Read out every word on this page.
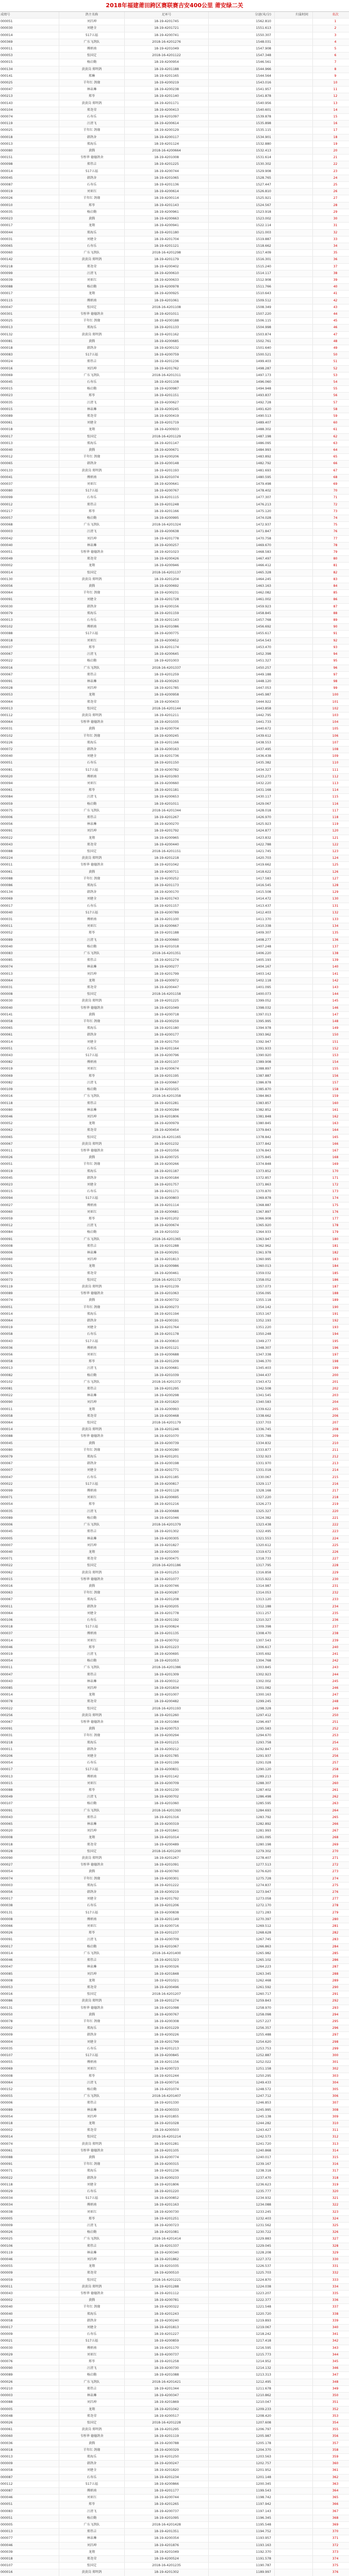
2018年福建莆田跨区赛联赛吉安400公里 莆安绿二关
成绩号	鸽主名称	足环号	分速(米/分)	归巢时间	名次
000051	刘昌坤	18-19-4201745	1562.810		1
000030	刘建全	18-19-4201721	1551.613		2
000014	517五福	18-19-4200741	1550.307		3
000369	广东飞鸽队	2018-16-4201276	1548.031		4
000011	傅炳南	18-19-4201049	1547.908		5
000053	张国定	2018-16-4201122	1547.348		6
000015	杨启勤	18-19-4200954	1546.561		7
000134	黄黄岗 郑明鸽	18-19-4201188	1544.966		8
000141	郑琳	18-19-4201165	1544.564		9
000025	羊年红 鸽缘	18-19-4200219	1543.016		10
000047	林泉琳	18-19-4200238	1541.957		11
000213	郑苓	18-19-4201140	1541.878		12
000143	黄黄岗 郑明鸽	18-19-4201171	1540.956		13
000104	郑尧荣	18-19-4200413	1540.601		14
000074	石寿乐	18-19-4201097	1539.878		15
000119	汪清飞	18-19-4200614	1535.898		16
000025	羊年红 鸽缘	18-19-4200129	1535.115		17
000018	韩鸽舍	18-19-4200117	1534.901		18
000013	郑海乐	18-19-4201124	1532.880		19
000080	黄腾	2018-16-4200664	1532.413		20
000151	韦彤华 德德鸽舍	18-19-4201008	1531.614		21
000098	郑伟吉	18-19-4201225	1530.302		22
000014	517五福	18-19-4200744	1529.908		23
000045	韩鸽舍	18-19-4201065	1528.765		24
000087	石寿乐	18-19-4201136	1527.447		25
000019	刘亚红	18-19-4200614	1526.810		26
000026	羊年红 鸽缘	18-19-4200114	1525.921		27
000010	郑苓	18-19-4201143	1524.567		28
000035	杨启勤	18-19-4200961	1523.918		29
000023	黄腾	18-19-4200663	1523.002		30
000017	龙翔	18-19-4200941	1522.114		31
000044	郑海乐	18-19-4201180	1521.003		32
000031	刘建全	18-19-4201704	1519.887		33
000065	石寿乐	18-19-4201121	1518.662		34
000060	广东飞鸽队	2018-16-4201298	1517.409		35
000142	黄黄岗 郑明鸽	18-19-4201179	1516.301		36
000218	郑尧荣	18-19-4200402	1515.240		37
000099	汪清飞	18-19-4200610	1514.117		38
000039	刘亚红	18-19-4200633	1512.908		39
000088	杨启勤	18-19-4200978	1511.766		40
000017	龙翔	18-19-4200925	1510.643		41
000115	傅炳南	18-19-4201061	1509.512		42
000047	张国定	2018-16-4201108	1508.349		43
000301	韦彤华 德德鸽舍	18-19-4201011	1507.220		44
000025	羊年红 鸽缘	18-19-4200188	1506.115		45
000013	郑海乐	18-19-4201133	1504.998		46
000132	黄黄岗 郑明鸽	18-19-4201162	1503.874		47
000081	黄腾	18-19-4200685	1502.761		48
000018	韩鸽舍	18-19-4200132	1501.640		49
000083	517五福	18-19-4200759	1500.521		50
000024	郑伟吉	18-19-4201236	1499.403		51
000016	刘昌坤	18-19-4201762	1498.287		52
000069	广东飞鸽队	2018-16-4201311	1497.173		53
000045	石寿乐	18-19-4201108	1496.060		54
000015	杨启勤	18-19-4200987	1494.948		55
000023	郑苓	18-19-4201151	1493.837		56
000035	汪清飞	18-19-4200627	1492.728		57
000015	林泉琳	18-19-4200245	1491.620		58
000089	郑尧荣	18-19-4200419	1490.513		59
000061	刘建全	18-19-4201719	1489.407		60
000018	龙翔	18-19-4200933	1488.302		61
000017	张国定	2018-16-4201129	1487.198		62
000013	郑海乐	18-19-4201147	1486.095		63
000040	黄腾	18-19-4200671	1484.993		64
000012	羊年红 鸽缘	18-19-4200206	1483.892		65
000065	韩鸽舍	18-19-4200148	1482.792		66
000133	黄黄岗 郑明鸽	18-19-4201193	1481.693		67
000041	傅炳南	18-19-4201074	1480.595		68
000037	刘亚红	18-19-4200641	1479.498		69
000080	517五福	18-19-4200767	1478.402		70
000099	石寿乐	18-19-4201115	1477.307		71
000012	郑伟吉	18-19-4201248	1476.213		72
000217	郑苓	18-19-4201166	1475.120		73
000057	杨启勤	18-19-4200995	1474.028		74
000068	广东飞鸽队	2018-16-4201324	1472.937		75
000003	汪清飞	18-19-4200638	1471.847		76
000042	刘昌坤	18-19-4201778	1470.758		77
000040	林泉琳	18-19-4200257	1469.670		78
000051	韦彤华 德德鸽舍	18-19-4201023	1468.583		79
000049	郑尧荣	18-19-4200426	1467.497		80
000002	龙翔	18-19-4200946	1466.412		81
000014	张国定	2018-16-4201137	1465.328		82
000130	黄黄岗 郑明鸽	18-19-4201204	1464.245		83
000056	黄腾	18-19-4200692	1463.163		84
000064	羊年红 鸽缘	18-19-4200231	1462.082		85
000091	刘建全	18-19-4201728	1461.002		86
000030	韩鸽舍	18-19-4200156	1459.923		87
000079	郑海乐	18-19-4201159	1458.845		88
000013	石寿乐	18-19-4201143	1457.768		89
000102	傅炳南	18-19-4201086	1456.692		90
000088	517五福	18-19-4200775	1455.617		91
000018	刘亚红	18-19-4200652	1454.543		92
000037	郑苓	18-19-4201174	1453.470		93
000067	汪清飞	18-19-4200645	1452.398		94
000022	杨启勤	18-19-4201003	1451.327		95
000016	广东飞鸽队	2018-16-4201337	1450.257		96
000067	郑伟吉	18-19-4201259	1449.188		97
000091	林泉琳	18-19-4200263	1448.120		98
000028	刘昌坤	18-19-4201785	1447.053		99
000053	龙翔	18-19-4200958	1445.987		100
000064	郑尧荣	18-19-4200433	1444.922		101
000013	张国定	2018-16-4201144	1443.858		102
000112	黄黄岗 郑明鸽	18-19-4201211	1442.795		103
000064	韦彤华 德德鸽舍	18-19-4201035	1441.733		104
000031	黄腾	18-19-4200704	1440.672		105
000102	羊年红 鸽缘	18-19-4200245	1439.612		106
000226	郑海乐	18-19-4201166	1438.553		107
000072	韩鸽舍	18-19-4200163	1437.495		108
000040	刘建全	18-19-4201736	1436.438		109
000051	石寿乐	18-19-4201150	1435.382		110
000081	517五福	18-19-4200782	1434.327		111
000020	傅炳南	18-19-4201093	1433.273		112
000094	刘亚红	18-19-4200660	1432.220		113
000061	郑苓	18-19-4201181	1431.168		114
000084	汪清飞	18-19-4200653	1430.117		115
000059	杨启勤	18-19-4201011	1429.067		116
000075	广东飞鸽队	2018-16-4201344	1428.018		117
000006	郑伟吉	18-19-4201267	1426.970		118
000056	林泉琳	18-19-4200270	1425.923		119
000091	刘昌坤	18-19-4201792	1424.877		120
000022	龙翔	18-19-4200965	1423.832		121
000043	郑尧荣	18-19-4200440	1422.788		122
000088	张国定	2018-16-4201151	1421.745		123
000224	黄黄岗 郑明鸽	18-19-4201218	1420.703		124
000011	韦彤华 德德鸽舍	18-19-4201042	1419.662		125
000061	黄腾	18-19-4200711	1418.622		126
000088	羊年红 鸽缘	18-19-4200252	1417.583		127
000086	郑海乐	18-19-4201173	1416.545		128
000134	韩鸽舍	18-19-4200170	1415.508		129
000069	刘建全	18-19-4201743	1414.472		130
000017	石寿乐	18-19-4201157	1413.437		131
000040	517五福	18-19-4200789	1412.403		132
000031	傅炳南	18-19-4201100	1411.370		133
000011	刘亚红	18-19-4200667	1410.338		134
000052	郑苓	18-19-4201188	1409.307		135
000089	汪清飞	18-19-4200660	1408.277		136
000040	杨启勤	18-19-4201018	1407.248		137
000083	广东飞鸽队	2018-16-4201351	1406.220		138
000085	郑伟吉	18-19-4201274	1405.193		139
000074	林泉琳	18-19-4200277	1404.167		140
000013	刘昌坤	18-19-4201799	1403.142		141
000064	龙翔	18-19-4200972	1402.118		142
000031	郑尧荣	18-19-4200447	1401.095		143
000008	张国定	2018-16-4201158	1400.073		144
000030	黄黄岗 郑明鸽	18-19-4201225	1399.052		145
000040	韦彤华 德德鸽舍	18-19-4201049	1398.032		146
000141	黄腾	18-19-4200718	1397.013		147
000058	羊年红 鸽缘	18-19-4200259	1395.995		148
000065	郑海乐	18-19-4201180	1394.978		149
000061	韩鸽舍	18-19-4200177	1393.962		150
000014	刘建全	18-19-4201750	1392.947		151
000051	石寿乐	18-19-4201164	1391.933		152
000043	517五福	18-19-4200796	1390.920		153
000082	傅炳南	18-19-4201107	1389.908		154
000019	刘亚红	18-19-4200674	1388.897		155
000069	郑苓	18-19-4201195	1387.887		156
000082	汪清飞	18-19-4200667	1386.878		157
000109	杨启勤	18-19-4201025	1385.870		158
000016	广东飞鸽队	2018-16-4201358	1384.863		159
000118	郑伟吉	18-19-4201281	1383.857		160
000080	林泉琳	18-19-4200284	1382.852		161
000046	刘昌坤	18-19-4201806	1381.848		162
000052	龙翔	18-19-4200979	1380.845		163
000062	郑尧荣	18-19-4200454	1379.843		164
000065	张国定	2018-16-4201165	1378.842		165
000067	黄黄岗 郑明鸽	18-19-4201232	1377.842		166
000011	韦彤华 德德鸽舍	18-19-4201056	1376.843		167
000026	黄腾	18-19-4200725	1375.845		168
000051	羊年红 鸽缘	18-19-4200266	1374.848		169
000019	郑海乐	18-19-4201187	1373.852		170
000045	韩鸽舍	18-19-4200184	1372.857		171
000023	刘建全	18-19-4201757	1371.863		172
000015	石寿乐	18-19-4201171	1370.870		173
000094	517五福	18-19-4200803	1369.878		174
000027	傅炳南	18-19-4201114	1368.887		175
000060	刘亚红	18-19-4200681	1367.897		176
000059	郑苓	18-19-4201202	1366.908		177
000012	汪清飞	18-19-4200674	1365.920		178
000084	杨启勤	18-19-4201032	1364.933		179
000091	广东飞鸽队	2018-16-4201365	1363.947		180
000008	郑伟吉	18-19-4201288	1362.962		181
000006	林泉琳	18-19-4200291	1361.978		182
000060	刘昌坤	18-19-4201813	1360.995		183
000001	龙翔	18-19-4200986	1360.013		184
000079	郑尧荣	18-19-4200461	1359.032		185
000073	张国定	2018-16-4201172	1358.052		186
000119	黄黄岗 郑明鸽	18-19-4201239	1357.073		187
000089	韦彤华 德德鸽舍	18-19-4201063	1356.095		188
000074	黄腾	18-19-4200732	1355.118		189
000051	羊年红 鸽缘	18-19-4200273	1354.142		190
000014	郑海乐	18-19-4201194	1353.167		191
000064	韩鸽舍	18-19-4200191	1352.193		192
000019	刘建全	18-19-4201764	1351.220		193
000058	石寿乐	18-19-4201178	1350.248		194
000043	517五福	18-19-4200810	1349.277		195
000036	傅炳南	18-19-4201121	1348.307		196
000056	刘亚红	18-19-4200688	1347.338		197
000058	郑苓	18-19-4201209	1346.370		198
000013	汪清飞	18-19-4200681	1345.403		199
000082	杨启勤	18-19-4201039	1344.437		200
000102	广东飞鸽队	2018-16-4201372	1343.472		201
000081	郑伟吉	18-19-4201295	1342.508		202
000022	林泉琳	18-19-4200298	1341.545		203
000090	刘昌坤	18-19-4201820	1340.583		204
000011	龙翔	18-19-4200993	1339.622		205
000058	郑尧荣	18-19-4200468	1338.662		206
000064	张国定	2018-16-4201179	1337.703		207
000014	黄黄岗 郑明鸽	18-19-4201246	1336.745		208
000088	韦彤华 德德鸽舍	18-19-4201070	1335.788		209
000045	黄腾	18-19-4200739	1334.832		210
000080	羊年红 鸽缘	18-19-4200280	1333.877		211
000079	郑海乐	18-19-4201201	1332.923		212
000067	韩鸽舍	18-19-4200198	1331.970		213
000007	刘建全	18-19-4201771	1331.018		214
000047	石寿乐	18-19-4201185	1330.067		215
000022	517五福	18-19-4200817	1329.117		216
000099	傅炳南	18-19-4201128	1328.168		217
000071	刘亚红	18-19-4200695	1327.220		218
000054	郑苓	18-19-4201216	1326.273		219
000035	汪清飞	18-19-4200688	1325.327		220
000089	杨启勤	18-19-4201046	1324.382		221
000006	广东飞鸽队	2018-16-4201379	1323.438		222
000045	郑伟吉	18-19-4201302	1322.495		223
000005	林泉琳	18-19-4200305	1321.553		224
000007	刘昌坤	18-19-4201827	1320.612		225
000040	龙翔	18-19-4201000	1319.672		226
000071	郑尧荣	18-19-4200475	1318.733		227
000022	张国定	2018-16-4201186	1317.795		228
000062	黄黄岗 郑明鸽	18-19-4201253	1316.858		229
000015	韦彤华 德德鸽舍	18-19-4201077	1315.922		230
000016	黄腾	18-19-4200746	1314.987		231
000063	羊年红 鸽缘	18-19-4200287	1314.053		232
000067	郑海乐	18-19-4201208	1313.120		233
000011	韩鸽舍	18-19-4200205	1312.188		234
000064	刘建全	18-19-4201778	1311.257		235
000106	石寿乐	18-19-4201192	1310.327		236
000018	517五福	18-19-4200824	1309.398		237
000037	傅炳南	18-19-4201135	1308.470		238
000014	刘亚红	18-19-4200702	1307.543		239
000046	郑苓	18-19-4201223	1306.617		240
000019	汪清飞	18-19-4200695	1305.692		241
000054	杨启勤	18-19-4201053	1304.768		242
000011	广东飞鸽队	2018-16-4201386	1303.845		243
000047	郑伟吉	18-19-4201309	1302.923		244
000043	林泉琳	18-19-4200312	1302.002		245
000085	刘昌坤	18-19-4201834	1301.082		246
000014	龙翔	18-19-4201007	1300.163		247
000078	郑尧荣	18-19-4200482	1299.245		248
000022	张国定	2018-16-4201193	1298.328		249
000256	黄黄岗 郑明鸽	18-19-4201260	1297.412		250
000067	韦彤华 德德鸽舍	18-19-4201084	1296.497		251
000091	黄腾	18-19-4200753	1295.583		252
000031	羊年红 鸽缘	18-19-4200294	1294.670		253
000218	郑海乐	18-19-4201215	1293.758		254
000011	韩鸽舍	18-19-4200212	1292.847		255
000206	刘建全	18-19-4201785	1291.937		256
000054	石寿乐	18-19-4201199	1291.028		257
000017	517五福	18-19-4200831	1290.120		258
000013	傅炳南	18-19-4201142	1289.213		259
000015	刘亚红	18-19-4200709	1288.307		260
000088	郑苓	18-19-4201230	1287.402		261
000049	汪清飞	18-19-4200702	1286.498		262
000107	杨启勤	18-19-4201060	1285.595		263
000091	广东飞鸽队	2018-16-4201393	1284.693		264
000043	郑伟吉	18-19-4201316	1283.792		265
000065	林泉琳	18-19-4200319	1282.892		266
000020	刘昌坤	18-19-4201841	1281.993		267
000008	龙翔	18-19-4201014	1281.095		268
000018	郑尧荣	18-19-4200489	1280.198		269
000028	张国定	2018-16-4201200	1279.302		270
000090	黄黄岗 郑明鸽	18-19-4201267	1278.407		271
000027	韦彤华 德德鸽舍	18-19-4201091	1277.513		272
000054	黄腾	18-19-4200760	1276.620		273
000074	羊年红 鸽缘	18-19-4200301	1275.728		274
000003	郑海乐	18-19-4201222	1274.837		275
000056	韩鸽舍	18-19-4200219	1273.947		276
000017	刘建全	18-19-4201792	1273.058		277
000038	石寿乐	18-19-4201206	1272.170		278
000131	517五福	18-19-4200838	1271.283		279
000008	傅炳南	18-19-4201149	1270.397		280
000066	刘亚红	18-19-4200716	1269.512		281
000026	郑苓	18-19-4201237	1268.628		282
000091	汪清飞	18-19-4200709	1267.745		283
000017	杨启勤	18-19-4201067	1266.863		284
000014	广东飞鸽队	2018-16-4201400	1265.982		285
000046	郑伟吉	18-19-4201323	1265.102		286
000047	林泉琳	18-19-4200326	1264.223		287
000085	刘昌坤	18-19-4201848	1263.345		288
000008	龙翔	18-19-4201021	1262.468		289
000053	郑尧荣	18-19-4200496	1261.592		290
000016	张国定	2018-16-4201207	1260.717		291
000086	黄黄岗 郑明鸽	18-19-4201274	1259.843		292
000131	韦彤华 德德鸽舍	18-19-4201098	1258.970		293
000050	黄腾	18-19-4200767	1258.098		294
000078	羊年红 鸽缘	18-19-4200308	1257.227		295
000002	郑海乐	18-19-4201229	1256.357		296
000009	韩鸽舍	18-19-4200226	1255.488		297
000004	刘建全	18-19-4201799	1254.620		298
000035	石寿乐	18-19-4201213	1253.753		299
000107	517五福	18-19-4200845	1252.887		300
000055	傅炳南	18-19-4201156	1252.022		301
000069	刘亚红	18-19-4200723	1251.158		302
000008	郑苓	18-19-4201244	1250.295		303
000064	汪清飞	18-19-4200716	1249.433		304
000152	杨启勤	18-19-4201074	1248.572		305
000055	广东飞鸽队	2018-16-4201407	1247.712		306
000006	郑伟吉	18-19-4201330	1246.853		307
000089	林泉琳	18-19-4200333	1245.995		308
000054	刘昌坤	18-19-4201855	1245.138		309
000018	龙翔	18-19-4201028	1244.282		310
000002	郑尧荣	18-19-4200503	1243.427		311
000014	张国定	2018-16-4201214	1242.573		312
000074	黄黄岗 郑明鸽	18-19-4201281	1241.720		313
000061	韦彤华 德德鸽舍	18-19-4201105	1240.868		314
000088	黄腾	18-19-4200774	1240.017		315
000091	羊年红 鸽缘	18-19-4200315	1239.167		316
000071	郑海乐	18-19-4201236	1238.318		317
000022	韩鸽舍	18-19-4200233	1237.470		318
000118	刘建全	18-19-4201806	1236.623		319
000029	石寿乐	18-19-4201220	1235.777		320
000034	517五福	18-19-4200852	1234.932		321
000034	傅炳南	18-19-4201163	1234.088		322
000038	刘亚红	18-19-4200730	1233.245		323
000005	郑苓	18-19-4201251	1232.403		324
000009	汪清飞	18-19-4200723	1231.562		325
000026	杨启勤	18-19-4201081	1230.722		326
000025	广东飞鸽队	2018-16-4201414	1229.883		327
000106	郑伟吉	18-19-4201337	1229.045		328
000119	林泉琳	18-19-4200340	1228.208		329
000046	刘昌坤	18-19-4201862	1227.372		330
000055	龙翔	18-19-4201035	1226.537		331
000009	郑尧荣	18-19-4200510	1225.703		332
000059	张国定	2018-16-4201221	1224.870		333
000011	黄黄岗 郑明鸽	18-19-4201288	1224.038		334
000043	韦彤华 德德鸽舍	18-19-4201112	1223.207		335
000002	黄腾	18-19-4200781	1222.377		336
000040	羊年红 鸽缘	18-19-4200322	1221.548		337
000040	郑海乐	18-19-4201243	1220.720		338
000058	韩鸽舍	18-19-4200240	1219.893		339
000017	刘建全	18-19-4201813	1219.067		340
000009	石寿乐	18-19-4201227	1218.242		341
000021	517五福	18-19-4200859	1217.418		342
000030	傅炳南	18-19-4201170	1216.595		343
000029	刘亚红	18-19-4200737	1215.773		344
000076	郑苓	18-19-4201258	1214.952		345
000090	汪清飞	18-19-4200730	1214.132		346
000089	杨启勤	18-19-4201088	1213.313		347
000026	广东飞鸽队	2018-16-4201421	1212.495		348
000210	郑伟吉	18-19-4201344	1211.678		349
000003	林泉琳	18-19-4200347	1210.862		350
000088	刘昌坤	18-19-4201869	1210.047		351
000005	龙翔	18-19-4201042	1209.233		352
000048	郑尧荣	18-19-4200517	1208.420		353
000026	张国定	2018-16-4201228	1207.608		354
000061	黄黄岗 郑明鸽	18-19-4201295	1206.797		355
000060	韦彤华 德德鸽舍	18-19-4201119	1205.987		356
000036	黄腾	18-19-4200788	1205.178		357
000018	羊年红 鸽缘	18-19-4200329	1204.370		358
000013	郑海乐	18-19-4201250	1203.563		359
000009	韩鸽舍	18-19-4200247	1202.757		360
000058	刘建全	18-19-4201820	1201.952		361
000087	石寿乐	18-19-4201234	1201.148		362
000112	517五福	18-19-4200866	1200.345		363
000087	傅炳南	18-19-4201177	1199.543		364
000046	刘亚红	18-19-4200744	1198.742		365
000051	郑苓	18-19-4201265	1197.942		366
000083	汪清飞	18-19-4200737	1197.143		367
000051	杨启勤	18-19-4201095	1196.345		368
000005	广东飞鸽队	2018-16-4201428	1195.548		369
000013	郑伟吉	18-19-4201351	1194.752		370
000077	林泉琳	18-19-4200354	1193.957		371
000046	刘昌坤	18-19-4201876	1193.163		372
000039	龙翔	18-19-4201049	1192.370		373
000018	郑尧荣	18-19-4200524	1191.578		374
000107	张国定	2018-16-4201235	1190.787		375
000016	黄黄岗 郑明鸽	18-19-4201302	1189.997		376
